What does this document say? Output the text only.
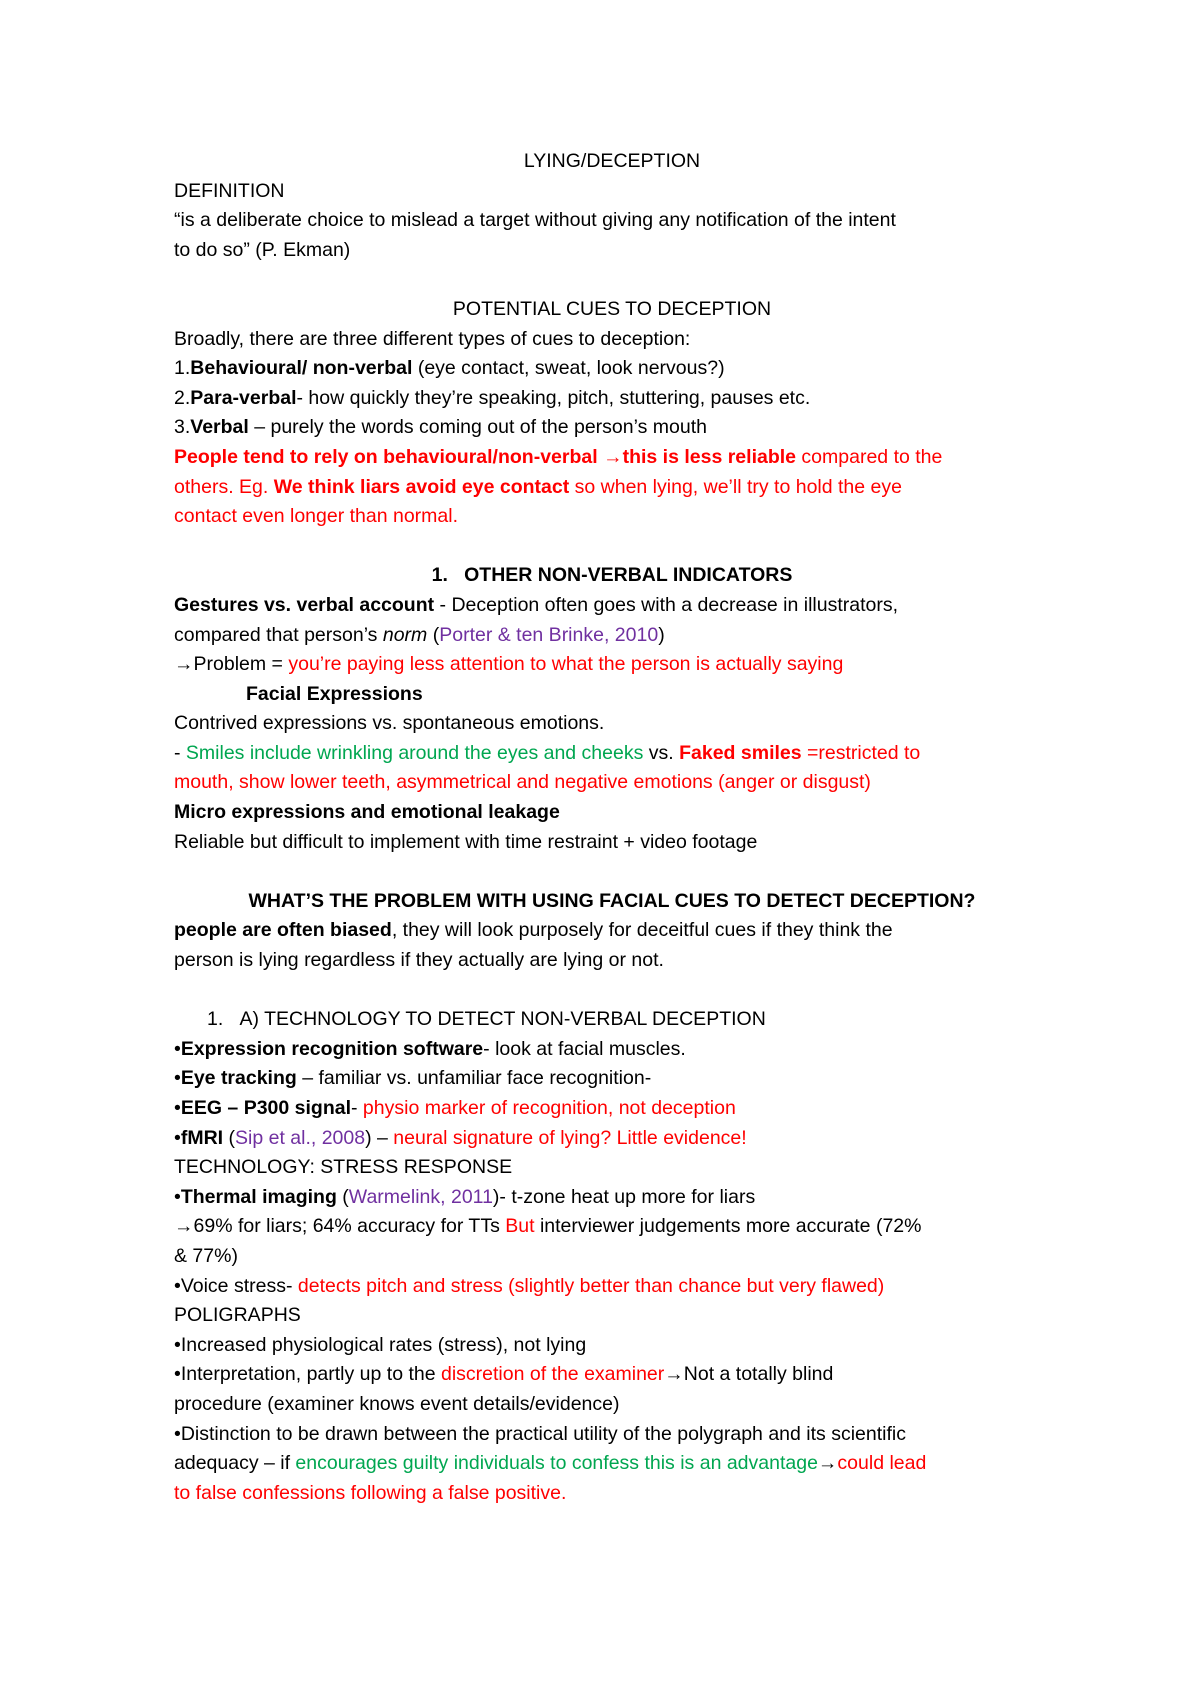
LYING/DECEPTION
DEFINITION
“is a deliberate choice to mislead a target without giving any notification of the intent
to do so” (P. Ekman)
POTENTIAL CUES TO DECEPTION
Broadly, there are three different types of cues to deception:
1.Behavioural/ non-verbal (eye contact, sweat, look nervous?)
2.Para-verbal- how quickly they’re speaking, pitch, stuttering, pauses etc.
3.Verbal – purely the words coming out of the person’s mouth
People tend to rely on behavioural/non-verbal →this is less reliable compared to the
others. Eg. We think liars avoid eye contact so when lying, we’ll try to hold the eye
contact even longer than normal.
1. OTHER NON-VERBAL INDICATORS
Gestures vs. verbal account - Deception often goes with a decrease in illustrators,
compared that person’s norm (Porter & ten Brinke, 2010)
→Problem = you’re paying less attention to what the person is actually saying
Facial Expressions
Contrived expressions vs. spontaneous emotions.
- Smiles include wrinkling around the eyes and cheeks vs. Faked smiles =restricted to
mouth, show lower teeth, asymmetrical and negative emotions (anger or disgust)
Micro expressions and emotional leakage
Reliable but difficult to implement with time restraint + video footage
WHAT’S THE PROBLEM WITH USING FACIAL CUES TO DETECT DECEPTION?
people are often biased, they will look purposely for deceitful cues if they think the
person is lying regardless if they actually are lying or not.
1. A) TECHNOLOGY TO DETECT NON-VERBAL DECEPTION
•Expression recognition software- look at facial muscles.
•Eye tracking – familiar vs. unfamiliar face recognition-
•EEG – P300 signal- physio marker of recognition, not deception
•fMRI (Sip et al., 2008) – neural signature of lying? Little evidence!
TECHNOLOGY: STRESS RESPONSE
•Thermal imaging (Warmelink, 2011)- t-zone heat up more for liars
→69% for liars; 64% accuracy for TTs But interviewer judgements more accurate (72%
& 77%)
•Voice stress- detects pitch and stress (slightly better than chance but very flawed)
POLIGRAPHS
•Increased physiological rates (stress), not lying
•Interpretation, partly up to the discretion of the examiner→Not a totally blind
procedure (examiner knows event details/evidence)
•Distinction to be drawn between the practical utility of the polygraph and its scientific
adequacy – if encourages guilty individuals to confess this is an advantage→could lead
to false confessions following a false positive.
